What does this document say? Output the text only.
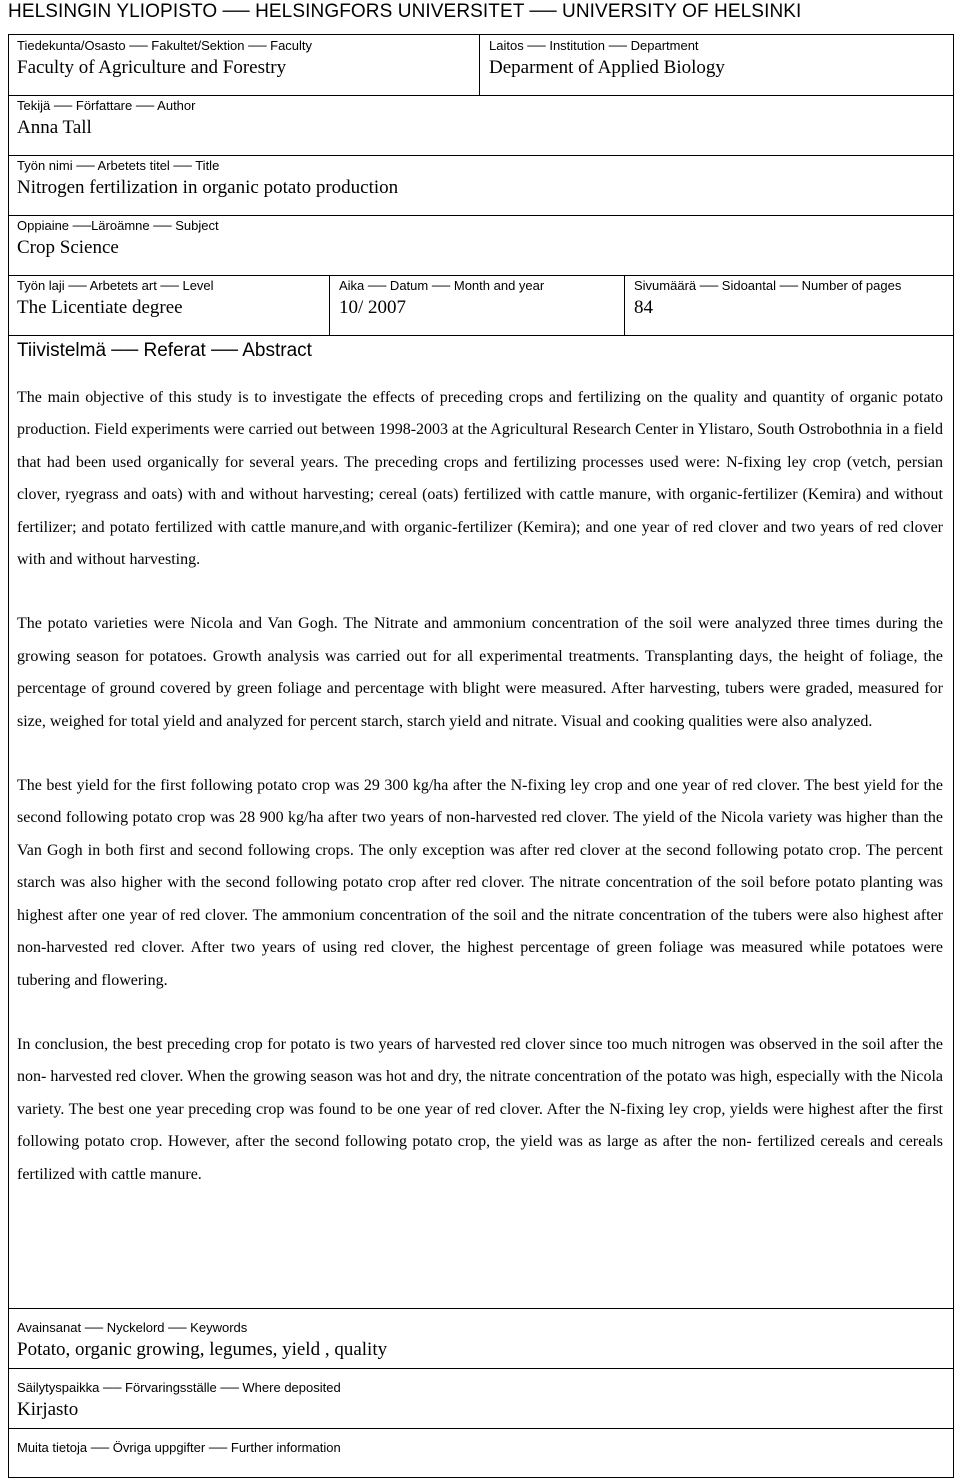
HELSINGIN YLIOPISTO ── HELSINGFORS UNIVERSITET ── UNIVERSITY OF HELSINKI
Tiedekunta/Osasto ── Fakultet/Sektion ── Faculty
Faculty of Agriculture and Forestry
Laitos ── Institution ── Department
Deparment of Applied Biology
Tekijä ── Författare ── Author
Anna Tall
Työn nimi ── Arbetets titel ── Title
Nitrogen fertilization in organic potato production
Oppiaine ──Läroämne ── Subject
Crop Science
Työn laji ── Arbetets art ── Level
The Licentiate degree
Aika ── Datum ── Month and year
10/ 2007
Sivumäärä ── Sidoantal ── Number of pages
84
Tiivistelmä ── Referat ── Abstract

The main objective of this study is to investigate the effects of preceding crops and fertilizing on the quality and quantity of organic potato production. Field experiments were carried out between 1998-2003 at the Agricultural Research Center in Ylistaro, South Ostrobothnia in a field that had been used organically for several years. The preceding crops and fertilizing processes used were: N-fixing ley crop (vetch, persian clover, ryegrass and oats) with and without harvesting; cereal (oats) fertilized with cattle manure, with organic-fertilizer (Kemira) and without fertilizer; and potato fertilized with cattle manure,and with organic-fertilizer (Kemira); and one year of red clover and two years of red clover with and without harvesting.

The potato varieties were Nicola and Van Gogh. The Nitrate and ammonium concentration of the soil were analyzed three times during the growing season for potatoes. Growth analysis was carried out for all experimental treatments. Transplanting days, the height of foliage, the percentage of ground covered by green foliage and percentage with blight were measured. After harvesting, tubers were graded, measured for size, weighed for total yield and analyzed for percent starch, starch yield and nitrate. Visual and cooking qualities were also analyzed.

The best yield for the first following potato crop was 29 300 kg/ha after the N-fixing ley crop and one year of red clover. The best yield for the second following potato crop was 28 900 kg/ha after two years of non-harvested red clover. The yield of the Nicola variety was higher than the Van Gogh in both first and second following crops. The only exception was after red clover at the second following potato crop. The percent starch was also higher with the second following potato crop after red clover. The nitrate concentration of the soil before potato planting was highest after one year of red clover. The ammonium concentration of the soil and the nitrate concentration of the tubers were also highest after non-harvested red clover. After two years of using red clover, the highest percentage of green foliage was measured while potatoes were tubering and flowering.

In conclusion, the best preceding crop for potato is two years of harvested red clover since too much nitrogen was observed in the soil after the non- harvested red clover. When the growing season was hot and dry, the nitrate concentration of the potato was high, especially with the Nicola variety. The best one year preceding crop was found to be one year of red clover. After the N-fixing ley crop, yields were highest after the first following potato crop. However, after the second following potato crop, the yield was as large as after the non- fertilized cereals and cereals fertilized with cattle manure.

Avainsanat ── Nyckelord ── Keywords
Potato, organic growing, legumes, yield , quality
Säilytyspaikka ── Förvaringsställe ── Where deposited
Kirjasto
Muita tietoja ── Övriga uppgifter ── Further information
